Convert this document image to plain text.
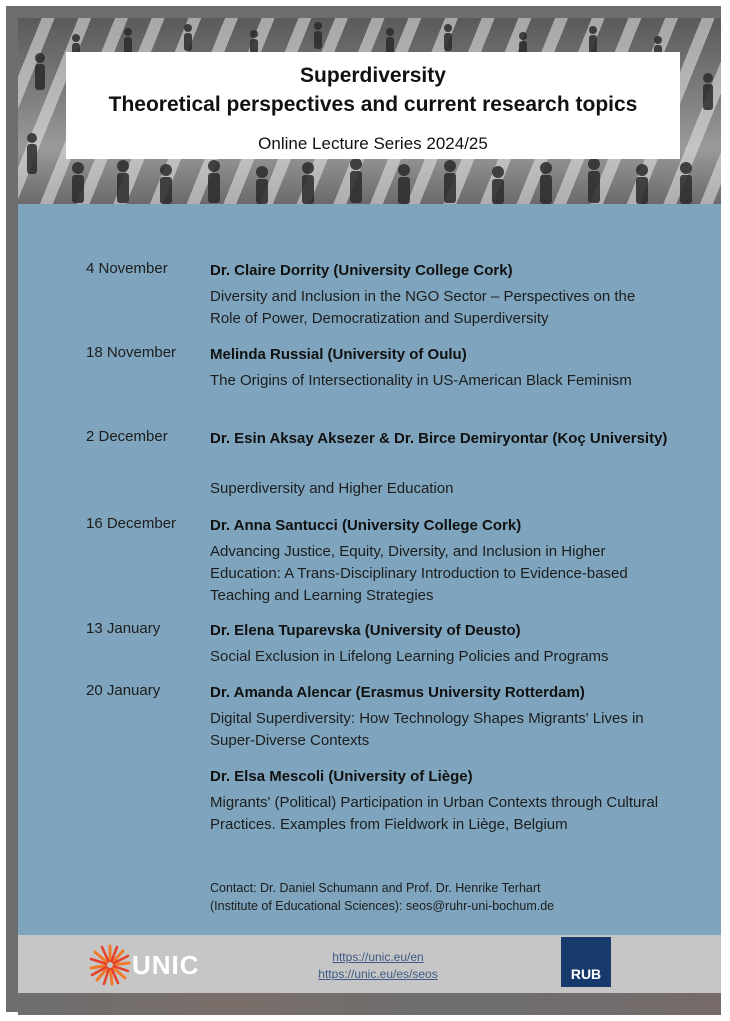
Superdiversity
Theoretical perspectives and current research topics
Online Lecture Series 2024/25
4 November	Dr. Claire Dorrity (University College Cork)
Diversity and Inclusion in the NGO Sector – Perspectives on the Role of Power, Democratization and Superdiversity
18 November Melinda Russial (University of Oulu)
The Origins of Intersectionality in US-American Black Feminism
2 December	Dr. Esin Aksay Aksezer & Dr. Birce Demiryontar (Koç University)
Superdiversity and Higher Education
16 December Dr. Anna Santucci (University College Cork)
Advancing Justice, Equity, Diversity, and Inclusion in Higher Education: A Trans-Disciplinary Introduction to Evidence-based Teaching and Learning Strategies
13 January	Dr. Elena Tuparevska (University of Deusto)
Social Exclusion in Lifelong Learning Policies and Programs
20 January	Dr. Amanda Alencar (Erasmus University Rotterdam)
Digital Superdiversity: How Technology Shapes Migrants' Lives in Super-Diverse Contexts
Dr. Elsa Mescoli (University of Liège)
Migrants' (Political) Participation in Urban Contexts through Cultural Practices. Examples from Fieldwork in Liège, Belgium
Contact: Dr. Daniel Schumann and Prof. Dr. Henrike Terhart
(Institute of Educational Sciences): seos@ruhr-uni-bochum.de
UNIC	https://unic.eu/en
https://unic.eu/es/seos	RUB
